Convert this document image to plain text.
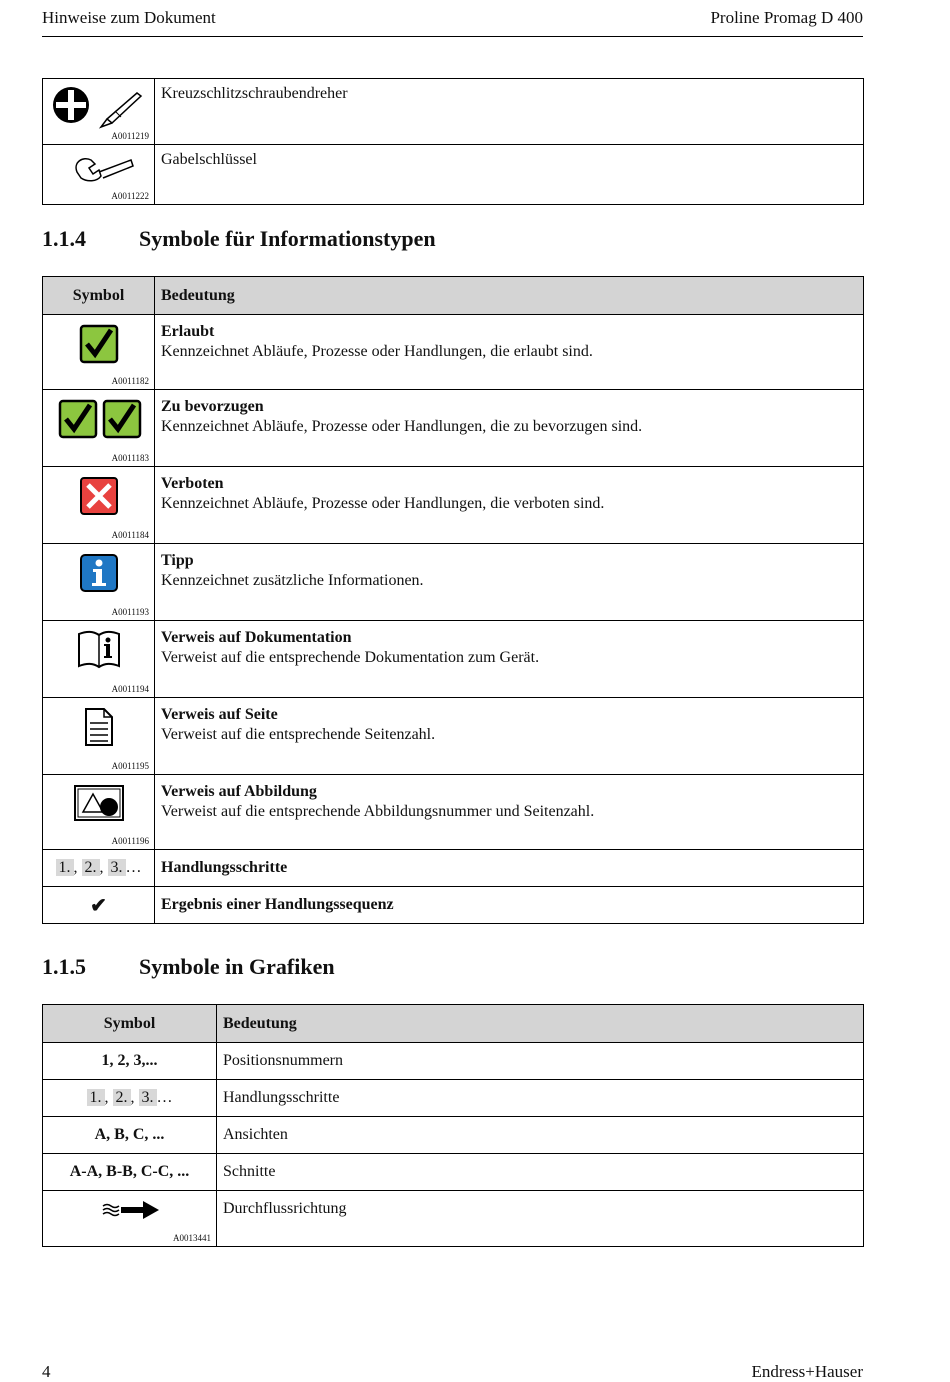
Hinweise zum Dokument	Proline Promag D 400
A0011219	Kreuzschlitzschraubendreher

A0011222	Gabelschlüssel
1.1.4 Symbole für Informationstypen
Symbol	Bedeutung

A0011182	Erlaubt
Kennzeichnet Abläufe, Prozesse oder Handlungen, die erlaubt sind.

A0011183	Zu bevorzugen
Kennzeichnet Abläufe, Prozesse oder Handlungen, die zu bevorzugen sind.

A0011184	Verboten
Kennzeichnet Abläufe, Prozesse oder Handlungen, die verboten sind.

A0011193	Tipp
Kennzeichnet zusätzliche Informationen.

A0011194	Verweis auf Dokumentation
Verweist auf die entsprechende Dokumentation zum Gerät.

A0011195	Verweis auf Seite
Verweist auf die entsprechende Seitenzahl.

A0011196	Verweis auf Abbildung
Verweist auf die entsprechende Abbildungsnummer und Seitenzahl.

1. , 2. , 3. …	Handlungsschritte
✔	Ergebnis einer Handlungssequenz
1.1.5 Symbole in Grafiken
Symbol	Bedeutung
1, 2, 3,...	Positionsnummern
1. , 2. , 3. …	Handlungsschritte
A, B, C, ...	Ansichten
A-A, B-B, C-C, ...	Schnitte

A0013441	Durchflussrichtung
4	Endress+Hauser
